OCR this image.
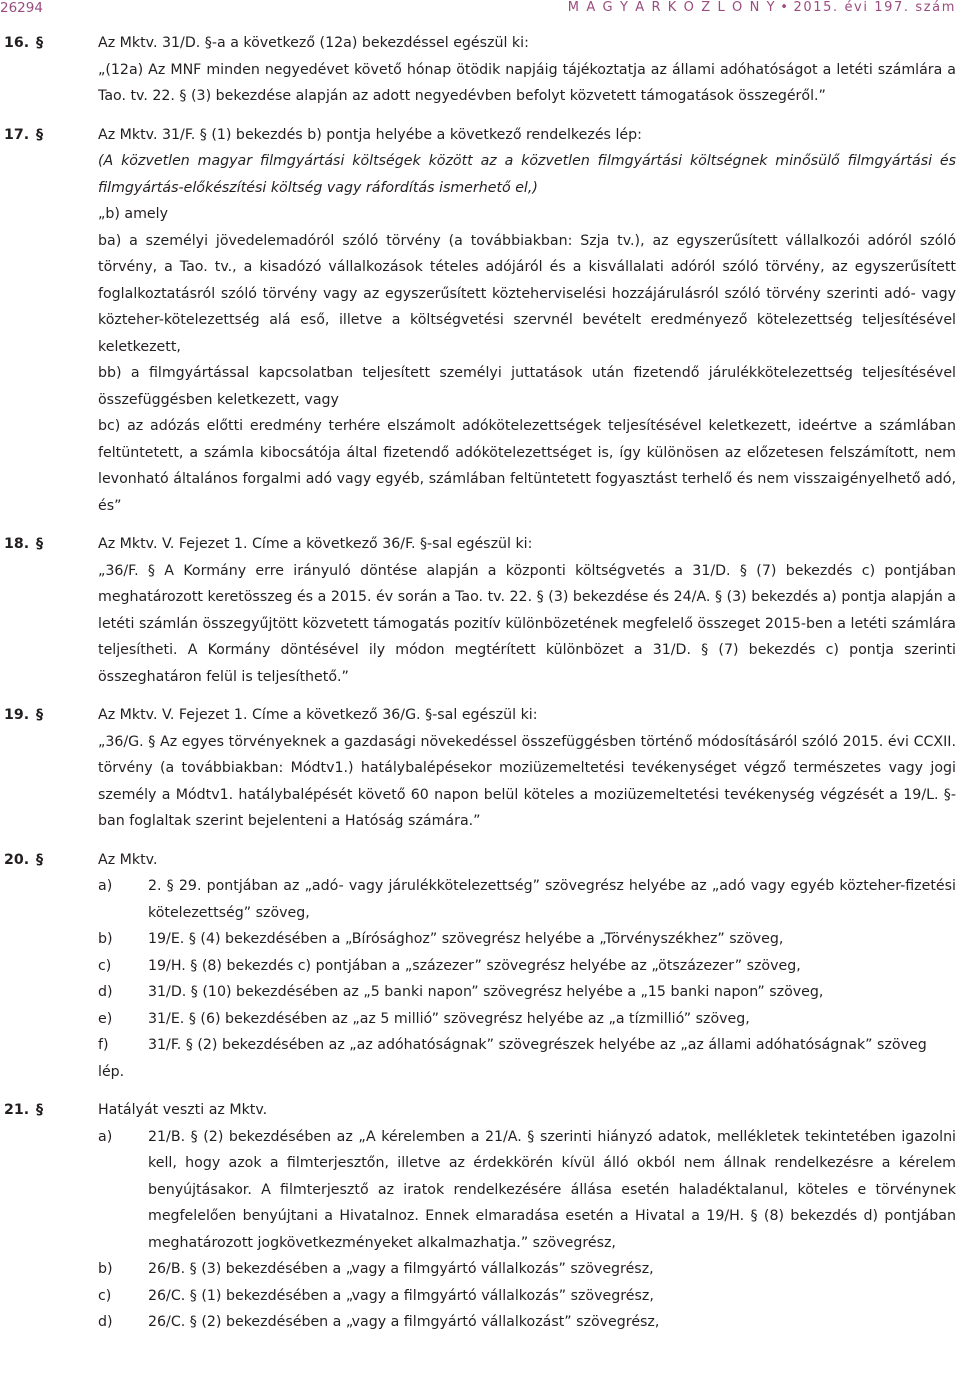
26294	M A G Y A R K Ö Z L Ö N Y • 2015. évi 197. szám
16. §	Az Mktv. 31/D. §-a a következő (12a) bekezdéssel egészül ki:

„(12a) Az MNF minden negyedévet követő hónap ötödik napjáig tájékoztatja az állami adóhatóságot a letéti számlára a Tao. tv. 22. § (3) bekezdése alapján az adott negyedévben befolyt közvetett támogatások összegéről.”

17. §	Az Mktv. 31/F. § (1) bekezdés b) pontja helyébe a következő rendelkezés lép:

(A közvetlen magyar filmgyártási költségek között az a közvetlen filmgyártási költségnek minősülő filmgyártási és filmgyártás-előkészítési költség vagy ráfordítás ismerhető el,)

„b) amely

ba) a személyi jövedelemadóról szóló törvény (a továbbiakban: Szja tv.), az egyszerűsített vállalkozói adóról szóló törvény, a Tao. tv., a kisadózó vállalkozások tételes adójáról és a kisvállalati adóról szóló törvény, az egyszerűsített foglalkoztatásról szóló törvény vagy az egyszerűsített közteherviselési hozzájárulásról szóló törvény szerinti adó- vagy közteher-kötelezettség alá eső, illetve a költségvetési szervnél bevételt eredményező kötelezettség teljesítésével keletkezett,

bb) a filmgyártással kapcsolatban teljesített személyi juttatások után fizetendő járulékkötelezettség teljesítésével összefüggésben keletkezett, vagy

bc) az adózás előtti eredmény terhére elszámolt adókötelezettségek teljesítésével keletkezett, ideértve a számlában feltüntetett, a számla kibocsátója által fizetendő adókötelezettséget is, így különösen az előzetesen felszámított, nem levonható általános forgalmi adó vagy egyéb, számlában feltüntetett fogyasztást terhelő és nem visszaigényelhető adó, és”

18. §	Az Mktv. V. Fejezet 1. Címe a következő 36/F. §-sal egészül ki:

„36/F. § A Kormány erre irányuló döntése alapján a központi költségvetés a 31/D. § (7) bekezdés c) pontjában meghatározott keretösszeg és a 2015. év során a Tao. tv. 22. § (3) bekezdése és 24/A. § (3) bekezdés a) pontja alapján a letéti számlán összegyűjtött közvetett támogatás pozitív különbözetének megfelelő összeget 2015-ben a letéti számlára teljesítheti. A Kormány döntésével ily módon megtérített különbözet a 31/D. § (7) bekezdés c) pontja szerinti összeghatáron felül is teljesíthető.”

19. §	Az Mktv. V. Fejezet 1. Címe a következő 36/G. §-sal egészül ki:

„36/G. § Az egyes törvényeknek a gazdasági növekedéssel összefüggésben történő módosításáról szóló 2015. évi CCXII. törvény (a továbbiakban: Módtv1.) hatálybalépésekor moziüzemeltetési tevékenységet végző természetes vagy jogi személy a Módtv1. hatálybalépését követő 60 napon belül köteles a moziüzemeltetési tevékenység végzését a 19/L. §-ban foglaltak szerint bejelenteni a Hatóság számára.”

20. §	Az Mktv.

a)	2. § 29. pontjában az „adó- vagy járulékkötelezettség” szövegrész helyébe az „adó vagy egyéb közteher-fizetési kötelezettség” szöveg,
b) 19/E. § (4) bekezdésében a „Bírósághoz” szövegrész helyébe a „Törvényszékhez” szöveg,
c)	19/H. § (8) bekezdés c) pontjában a „százezer” szövegrész helyébe az „ötszázezer” szöveg,
d) 31/D. § (10) bekezdésében az „5 banki napon” szövegrész helyébe a „15 banki napon” szöveg,
e)	31/E. § (6) bekezdésében az „az 5 millió” szövegrész helyébe az „a tízmillió” szöveg,
f)	31/F. § (2) bekezdésében az „az adóhatóságnak” szövegrészek helyébe az „az állami adóhatóságnak” szöveg

lép.

21. §	Hatályát veszti az Mktv.

a)	21/B. § (2) bekezdésében az „A kérelemben a 21/A. § szerinti hiányzó adatok, mellékletek tekintetében igazolni kell, hogy azok a filmterjesztőn, illetve az érdekkörén kívül álló okból nem állnak rendelkezésre a kérelem benyújtásakor. A filmterjesztő az iratok rendelkezésére állása esetén haladéktalanul, köteles e törvénynek megfelelően benyújtani a Hivatalnoz. Ennek elmaradása esetén a Hivatal a 19/H. § (8) bekezdés d) pontjában meghatározott jogkövetkezményeket alkalmazhatja.” szövegrész,
b) 26/B. § (3) bekezdésében a „vagy a filmgyártó vállalkozás” szövegrész,
c)	26/C. § (1) bekezdésében a „vagy a filmgyártó vállalkozás” szövegrész,
d) 26/C. § (2) bekezdésében a „vagy a filmgyártó vállalkozást” szövegrész,
